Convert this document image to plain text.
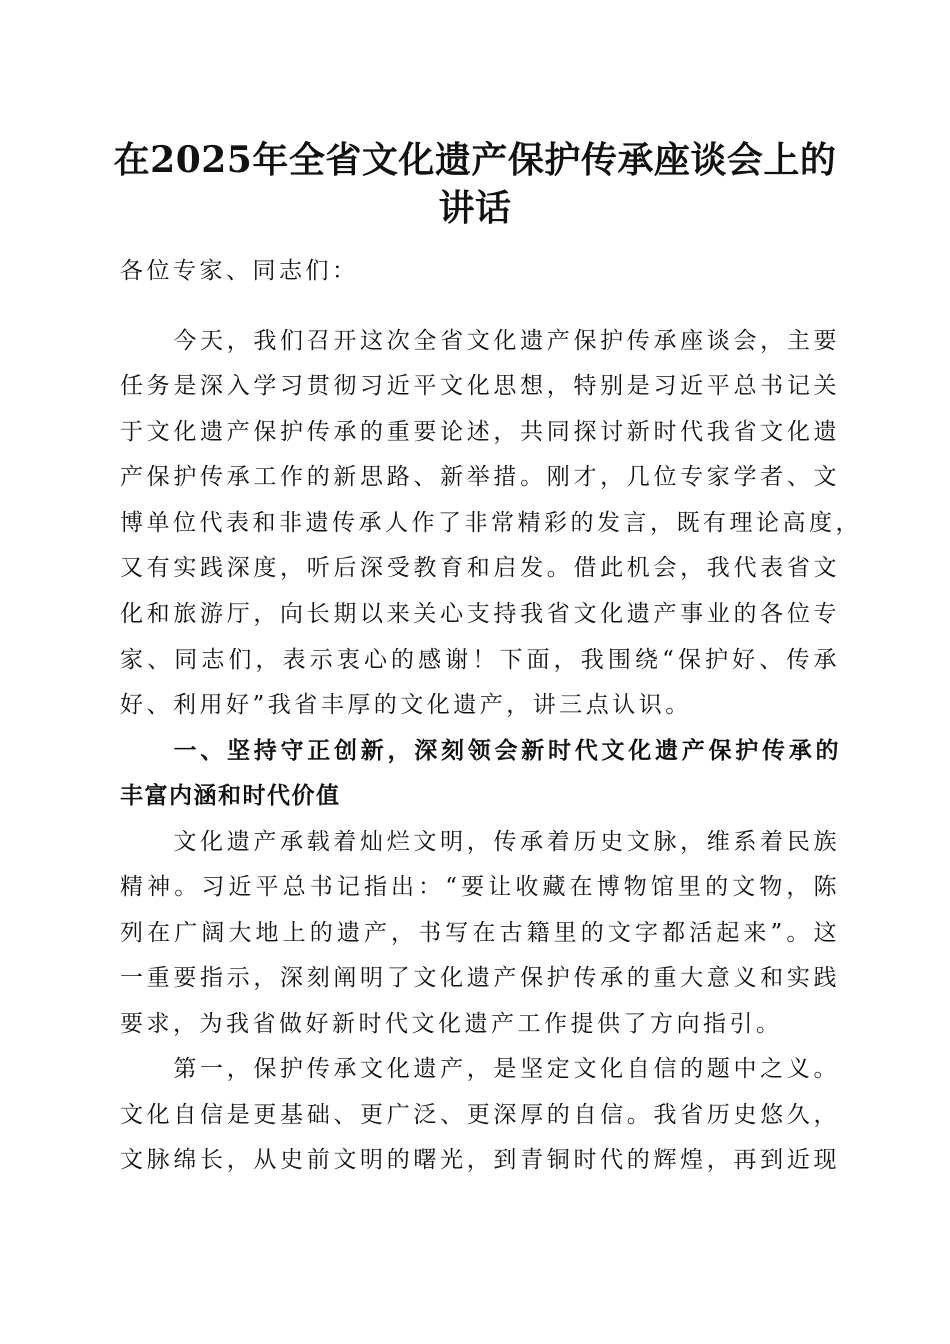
在2025年全省文化遗产保护传承座谈会上的
讲话

各位专家、同志们：

　　今天，我们召开这次全省文化遗产保护传承座谈会，主要

任务是深入学习贯彻习近平文化思想，特别是习近平总书记关

于文化遗产保护传承的重要论述，共同探讨新时代我省文化遗

产保护传承工作的新思路、新举措。刚才，几位专家学者、文

博单位代表和非遗传承人作了非常精彩的发言，既有理论高度，

又有实践深度，听后深受教育和启发。借此机会，我代表省文

化和旅游厅，向长期以来关心支持我省文化遗产事业的各位专

家、同志们，表示衷心的感谢！下面，我围绕“保护好、传承

好、利用好”我省丰厚的文化遗产，讲三点认识。

　　一、坚持守正创新，深刻领会新时代文化遗产保护传承的

丰富内涵和时代价值

　　文化遗产承载着灿烂文明，传承着历史文脉，维系着民族

精神。习近平总书记指出：“要让收藏在博物馆里的文物，陈

列在广阔大地上的遗产，书写在古籍里的文字都活起来”。这

一重要指示，深刻阐明了文化遗产保护传承的重大意义和实践

要求，为我省做好新时代文化遗产工作提供了方向指引。

　　第一，保护传承文化遗产，是坚定文化自信的题中之义。

文化自信是更基础、更广泛、更深厚的自信。我省历史悠久，

文脉绵长，从史前文明的曙光，到青铜时代的辉煌，再到近现
